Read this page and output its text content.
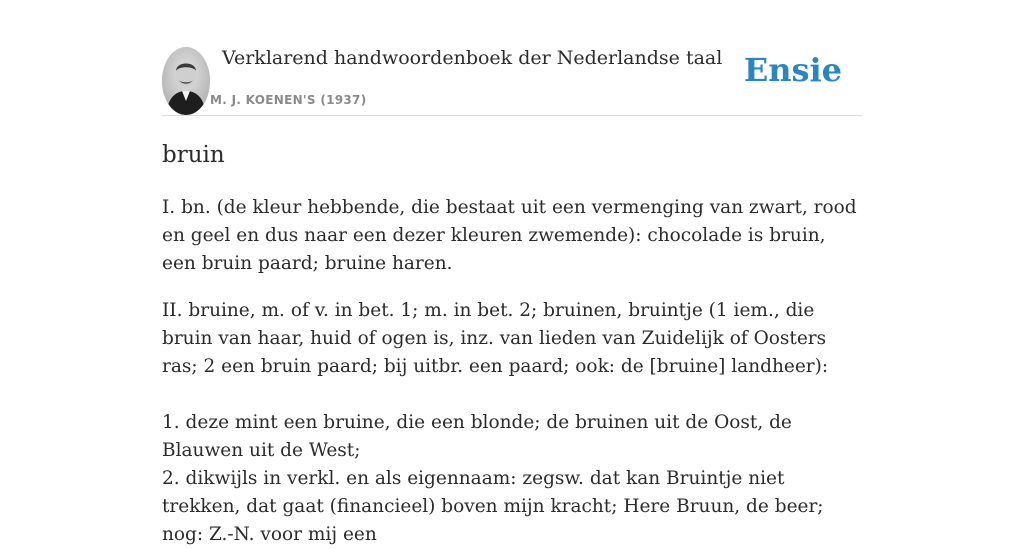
Verklarend handwoordenboek der Nederlandse taal
M. J. KOENEN'S (1937)
Ensie
bruin

I. bn. (de kleur hebbende, die bestaat uit een vermenging van zwart, rood en geel en dus naar een dezer kleuren zwemende): chocolade is bruin, een bruin paard; bruine haren.

II. bruine, m. of v. in bet. 1; m. in bet. 2; bruinen, bruintje (1 iem., die bruin van haar, huid of ogen is, inz. van lieden van Zuidelijk of Oosters ras; 2 een bruin paard; bij uitbr. een paard; ook: de [bruine] landheer):

1. deze mint een bruine, die een blonde; de bruinen uit de Oost, de Blauwen uit de West;

2. dikwijls in verkl. en als eigennaam: zegsw. dat kan Bruintje niet trekken, dat gaat (financieel) boven mijn kracht; Here Bruun, de beer; nog: Z.-N. voor mij een
